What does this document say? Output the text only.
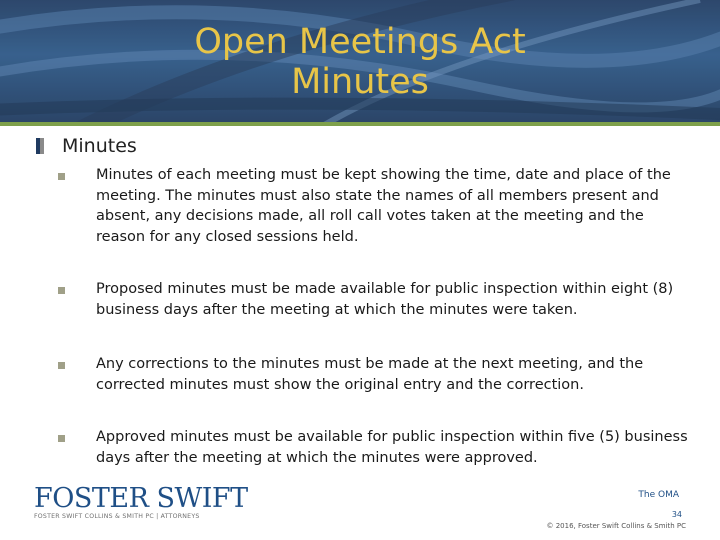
Open Meetings Act
Minutes
Minutes
Minutes of each meeting must be kept showing the time, date and place of the meeting. The minutes must also state the names of all members present and absent, any decisions made, all roll call votes taken at the meeting and the reason for any closed sessions held.
Proposed minutes must be made available for public inspection within eight (8) business days after the meeting at which the minutes were taken.
Any corrections to the minutes must be made at the next meeting, and the corrected minutes must show the original entry and the correction.
Approved minutes must be available for public inspection within five (5) business days after the meeting at which the minutes were approved.
FOSTER SWIFT
FOSTER SWIFT COLLINS & SMITH PC | ATTORNEYS
The OMA
34
© 2016, Foster Swift Collins & Smith PC
